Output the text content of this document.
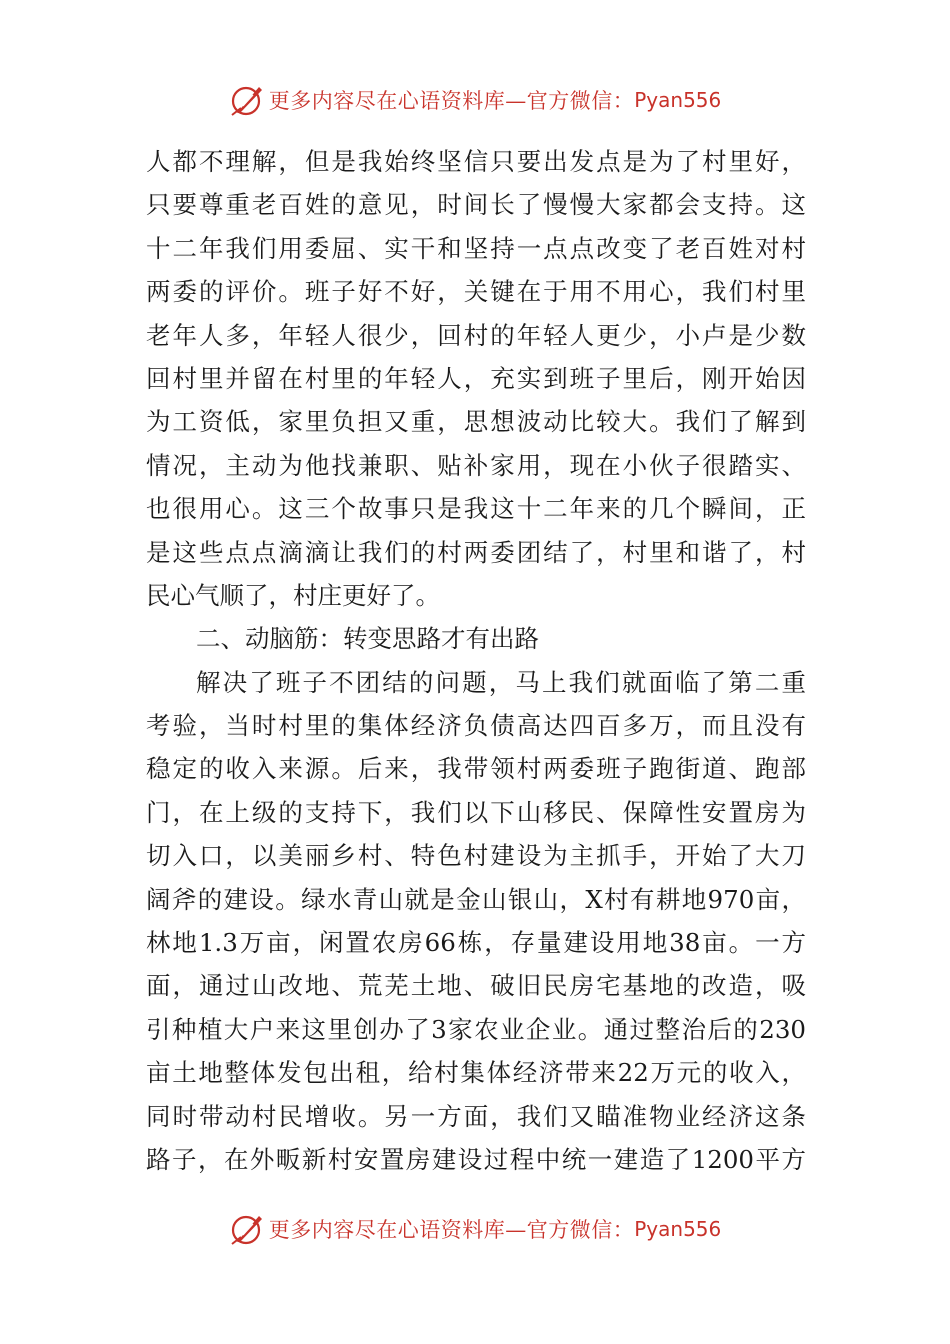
更多内容尽在心语资料库—官方微信： Pyan556
人都不理解，但是我始终坚信只要出发点是为了村里好，
只要尊重老百姓的意见，时间长了慢慢大家都会支持。这
十二年我们用委屈、实干和坚持一点点改变了老百姓对村
两委的评价。班子好不好，关键在于用不用心，我们村里
老年人多，年轻人很少，回村的年轻人更少，小卢是少数
回村里并留在村里的年轻人，充实到班子里后，刚开始因
为工资低，家里负担又重，思想波动比较大。我们了解到
情况，主动为他找兼职、贴补家用，现在小伙子很踏实、
也很用心。这三个故事只是我这十二年来的几个瞬间，正
是这些点点滴滴让我们的村两委团结了，村里和谐了，村
民心气顺了，村庄更好了。
二、动脑筋：转变思路才有出路
解决了班子不团结的问题，马上我们就面临了第二重
考验，当时村里的集体经济负债高达四百多万，而且没有
稳定的收入来源。后来，我带领村两委班子跑街道、跑部
门，在上级的支持下，我们以下山移民、保障性安置房为
切入口，以美丽乡村、特色村建设为主抓手，开始了大刀
阔斧的建设。绿水青山就是金山银山，X村有耕地970亩，
林地1.3万亩，闲置农房66栋，存量建设用地38亩。一方
面，通过山改地、荒芜土地、破旧民房宅基地的改造，吸
引种植大户来这里创办了3家农业企业。通过整治后的230
亩土地整体发包出租，给村集体经济带来22万元的收入，
同时带动村民增收。另一方面，我们又瞄准物业经济这条
路子，在外畈新村安置房建设过程中统一建造了1200平方
更多内容尽在心语资料库—官方微信： Pyan556
